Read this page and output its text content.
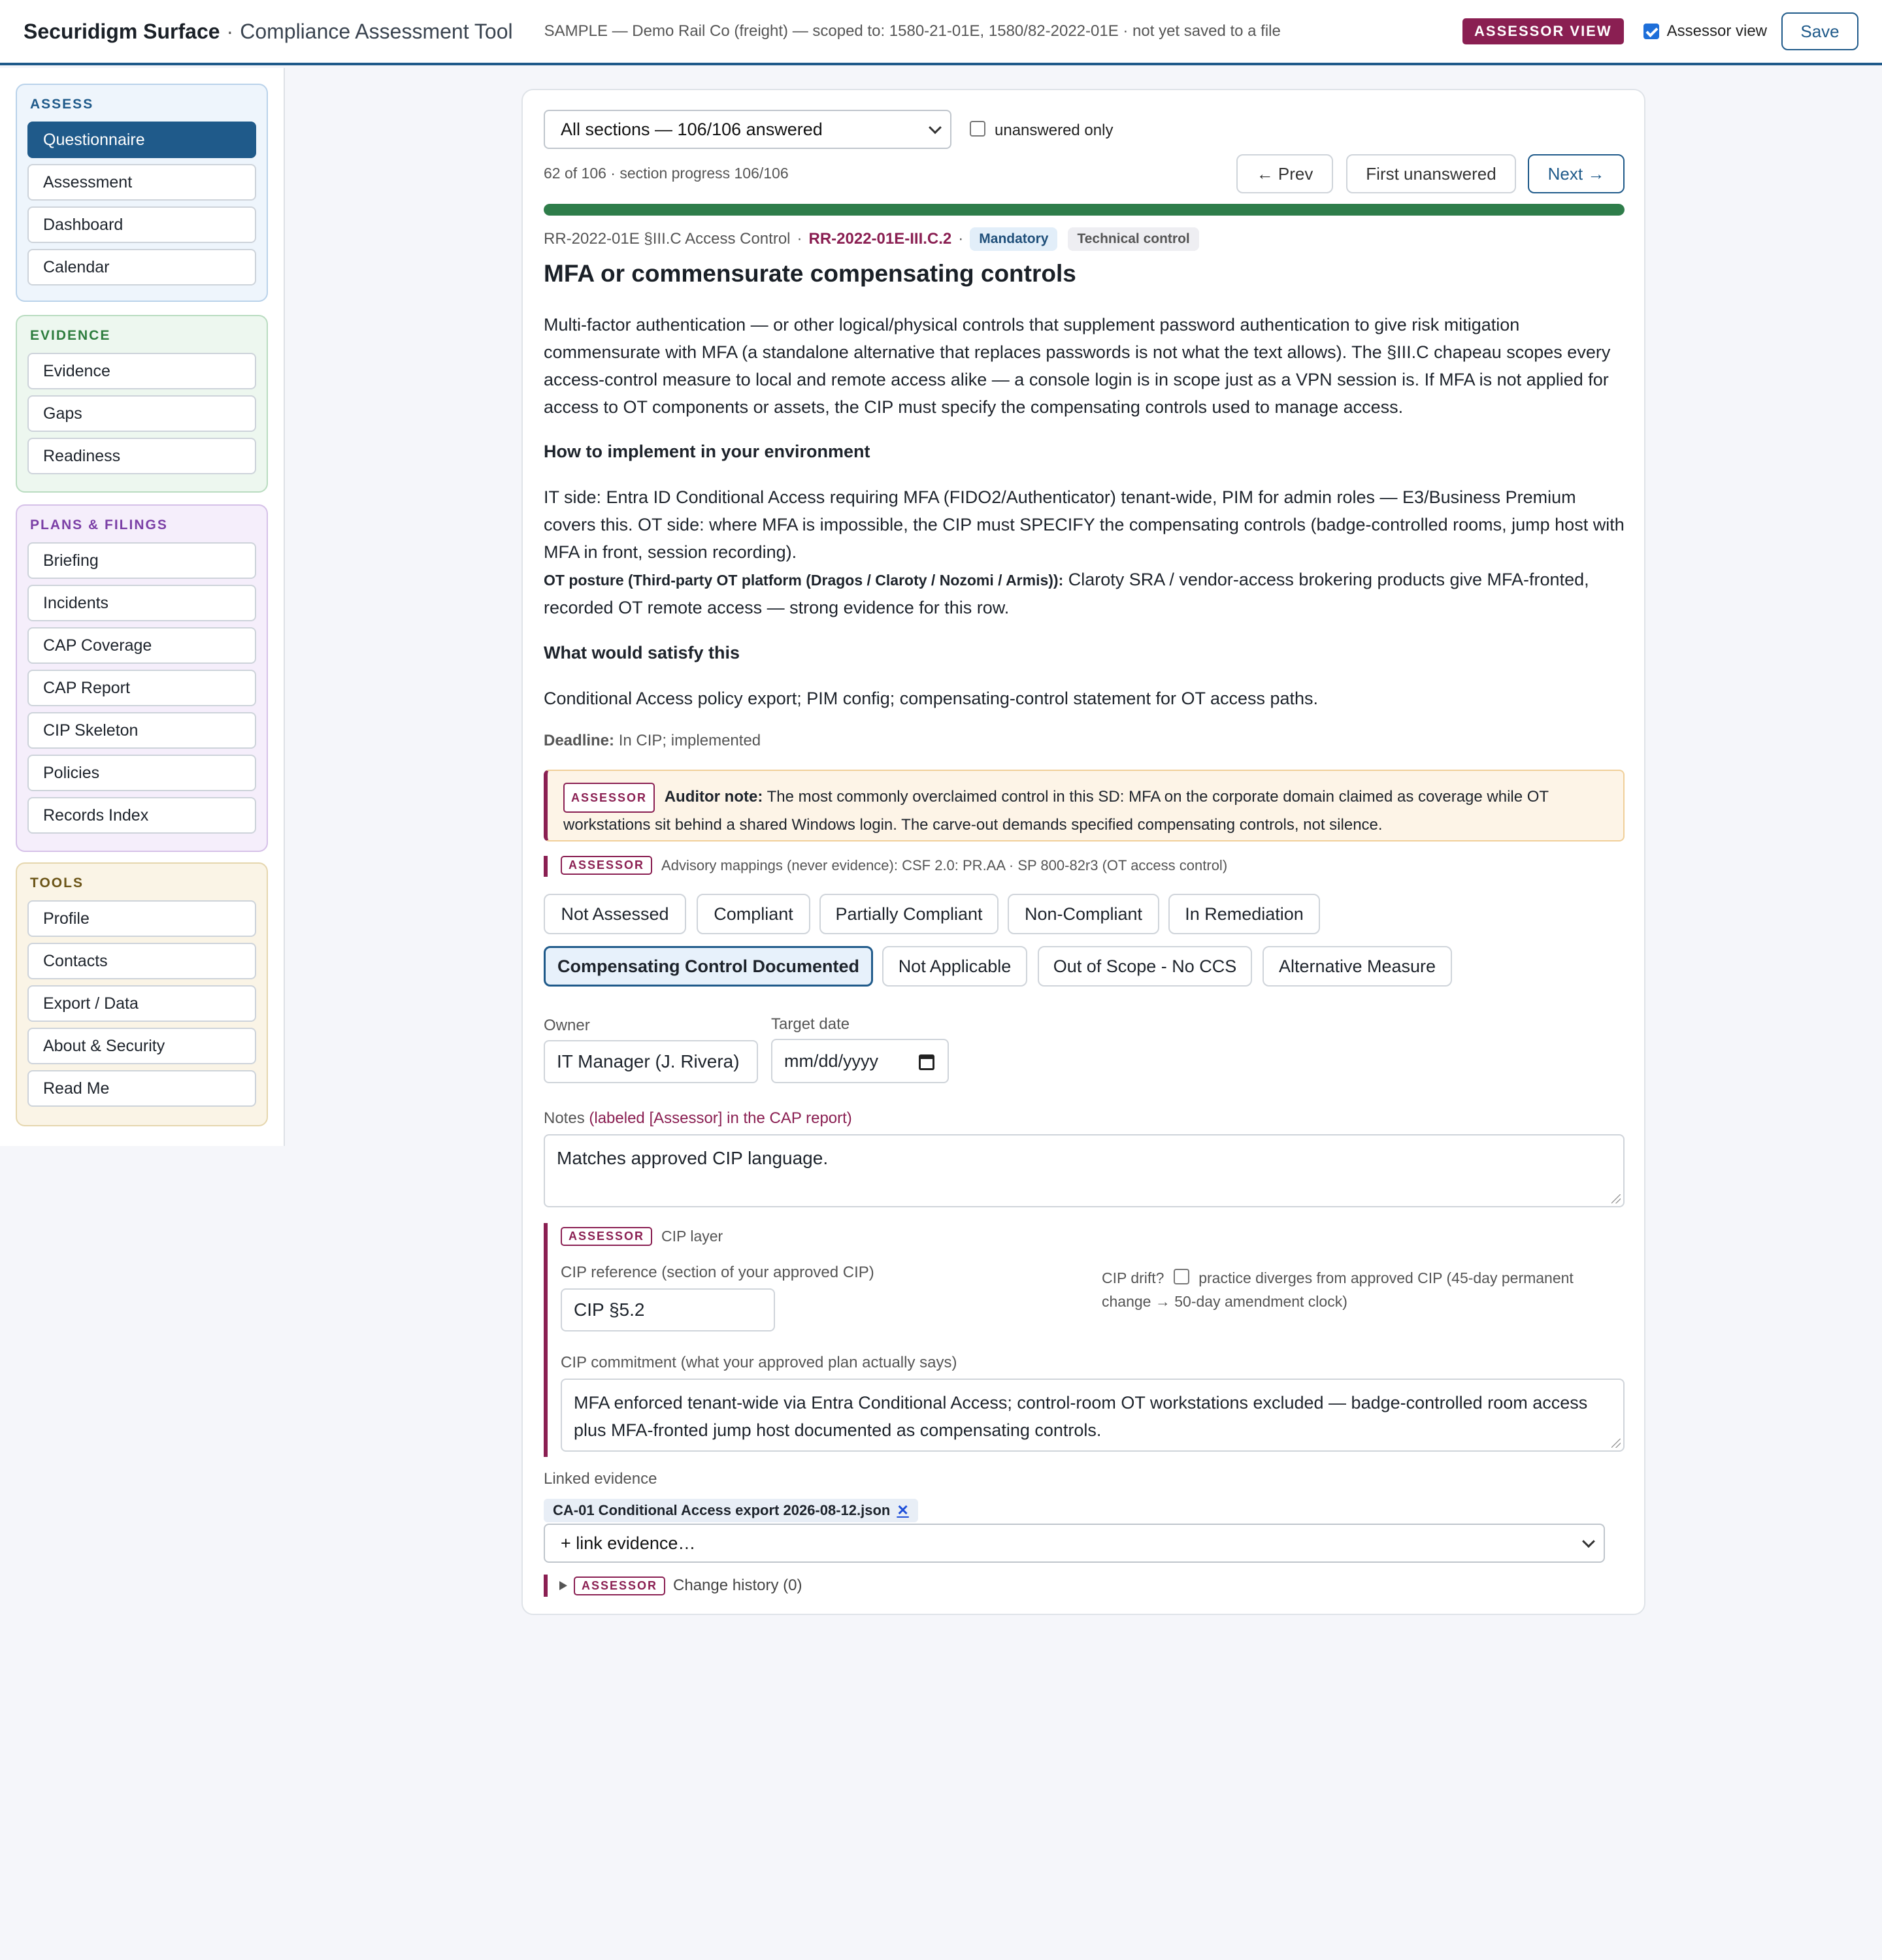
Securidigm Surface · Compliance Assessment Tool SAMPLE — Demo Rail Co (freight) — scoped to: 1580-21-01E, 1580/82-2022-01E · not yet saved to a file	ASSESSOR VIEW	Assessor view	Save
ASSESS
Questionnaire
Assessment
Dashboard
Calendar
EVIDENCE
Evidence
Gaps
Readiness
PLANS & FILINGS
Briefing
Incidents
CAP Coverage
CAP Report
CIP Skeleton
Policies
Records Index
TOOLS
Profile
Contacts
Export / Data
About & Security
Read Me
All sections — 106/106 answered	unanswered only
62 of 106 · section progress 106/106	← Prev	First unanswered	Next →
RR-2022-01E §III.C Access Control · RR-2022-01E-III.C.2 ·	Mandatory	Technical control
MFA or commensurate compensating controls
Multi-factor authentication — or other logical/physical controls that supplement password authentication to give risk mitigation commensurate with MFA (a standalone alternative that replaces passwords is not what the text allows). The §III.C chapeau scopes every access-control measure to local and remote access alike — a console login is in scope just as a VPN session is. If MFA is not applied for access to OT components or assets, the CIP must specify the compensating controls used to manage access.
How to implement in your environment
IT side: Entra ID Conditional Access requiring MFA (FIDO2/Authenticator) tenant-wide, PIM for admin roles — E3/Business Premium covers this. OT side: where MFA is impossible, the CIP must SPECIFY the compensating controls (badge-controlled rooms, jump host with MFA in front, session recording).
OT posture (Third-party OT platform (Dragos / Claroty / Nozomi / Armis)): Claroty SRA / vendor-access brokering products give MFA-fronted, recorded OT remote access — strong evidence for this row.
What would satisfy this
Conditional Access policy export; PIM config; compensating-control statement for OT access paths.
Deadline: In CIP; implemented
ASSESSOR Auditor note: The most commonly overclaimed control in this SD: MFA on the corporate domain claimed as coverage while OT workstations sit behind a shared Windows login. The carve-out demands specified compensating controls, not silence.
ASSESSOR	Advisory mappings (never evidence): CSF 2.0: PR.AA · SP 800-82r3 (OT access control)
Not Assessed	Compliant	Partially Compliant	Non-Compliant	In Remediation
Compensating Control Documented	Not Applicable	Out of Scope - No CCS	Alternative Measure
Owner
IT Manager (J. Rivera)
Target date
mm/dd/yyyy
Notes (labeled [Assessor] in the CAP report)
Matches approved CIP language.
ASSESSOR	CIP layer
CIP reference (section of your approved CIP)
CIP §5.2
CIP drift? practice diverges from approved CIP (45-day permanent change → 50-day amendment clock)
CIP commitment (what your approved plan actually says)
MFA enforced tenant-wide via Entra Conditional Access; control-room OT workstations excluded — badge-controlled room access plus MFA-fronted jump host documented as compensating controls.
Linked evidence
CA-01 Conditional Access export 2026-08-12.json ✕
+ link evidence…
ASSESSOR	Change history (0)
